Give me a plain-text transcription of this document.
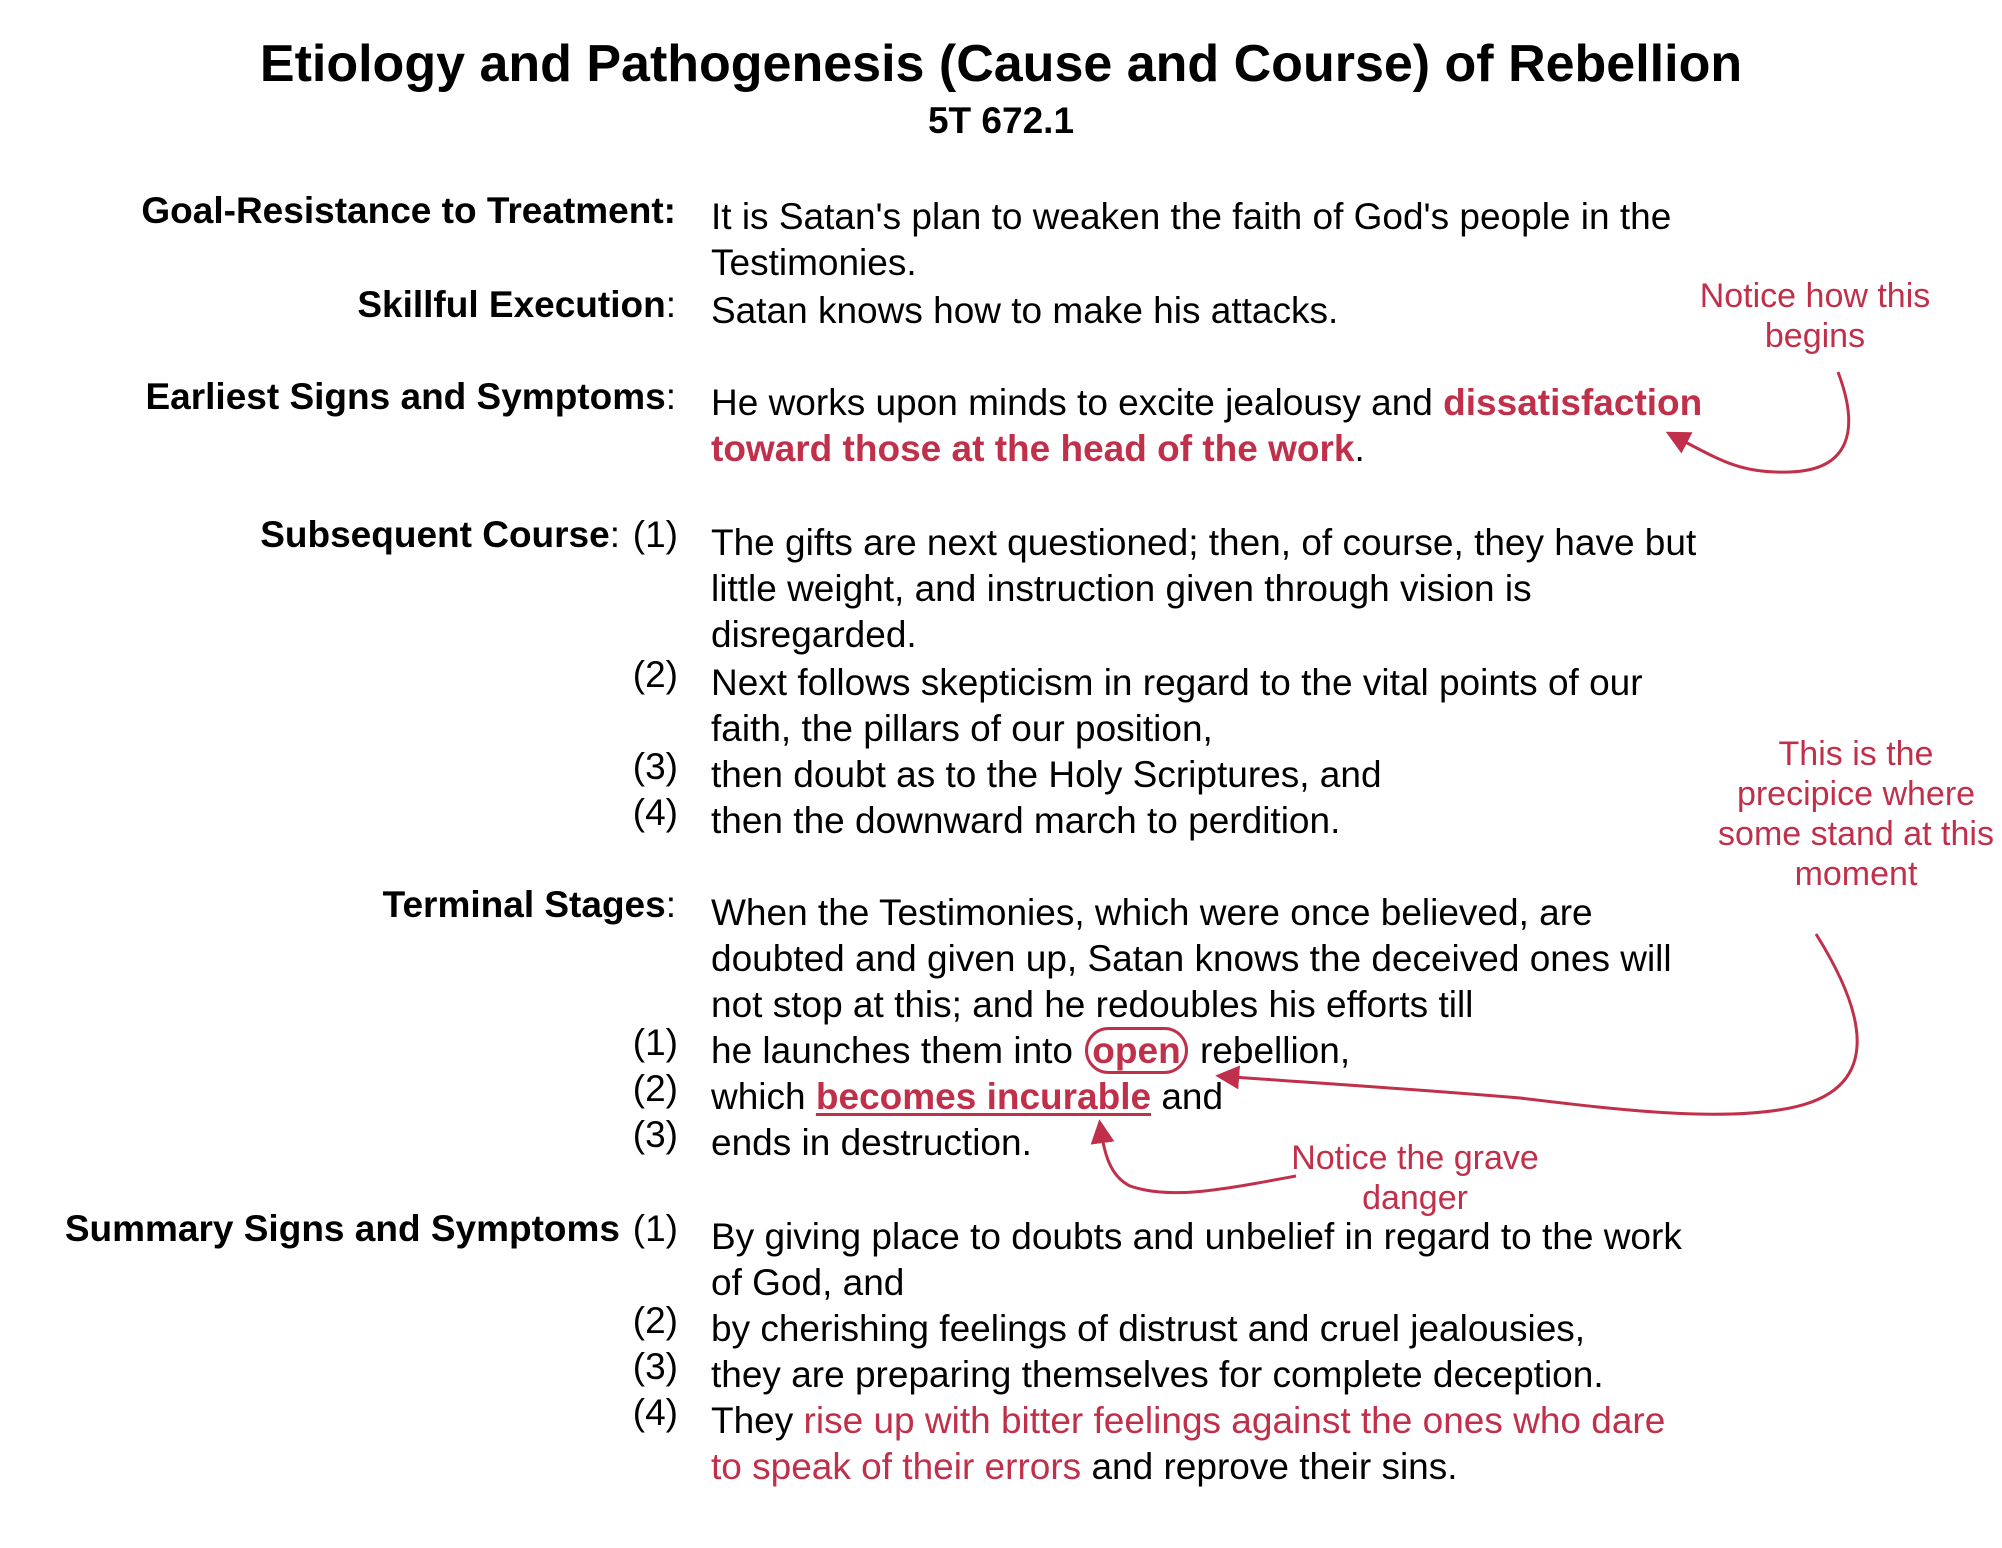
Etiology and Pathogenesis (Cause and Course) of Rebellion
5T 672.1
Goal-Resistance to Treatment: It is Satan's plan to weaken the faith of God's people in the
Testimonies.
Skillful Execution: Satan knows how to make his attacks.
Earliest Signs and Symptoms: He works upon minds to excite jealousy and dissatisfaction
toward those at the head of the work.
Subsequent Course: (1) The gifts are next questioned; then, of course, they have but
little weight, and instruction given through vision is
disregarded.
(2) Next follows skepticism in regard to the vital points of our
faith, the pillars of our position,
(3) then doubt as to the Holy Scriptures, and
(4) then the downward march to perdition.
Terminal Stages: When the Testimonies, which were once believed, are
doubted and given up, Satan knows the deceived ones will
not stop at this; and he redoubles his efforts till
(1) he launches them into open rebellion,
(2) which becomes incurable and
(3) ends in destruction.
Summary Signs and Symptoms (1) By giving place to doubts and unbelief in regard to the work
of God, and
(2) by cherishing feelings of distrust and cruel jealousies,
(3) they are preparing themselves for complete deception.
(4) They rise up with bitter feelings against the ones who dare
to speak of their errors and reprove their sins.
Notice how this begins
This is the precipice where some stand at this moment
Notice the grave danger
